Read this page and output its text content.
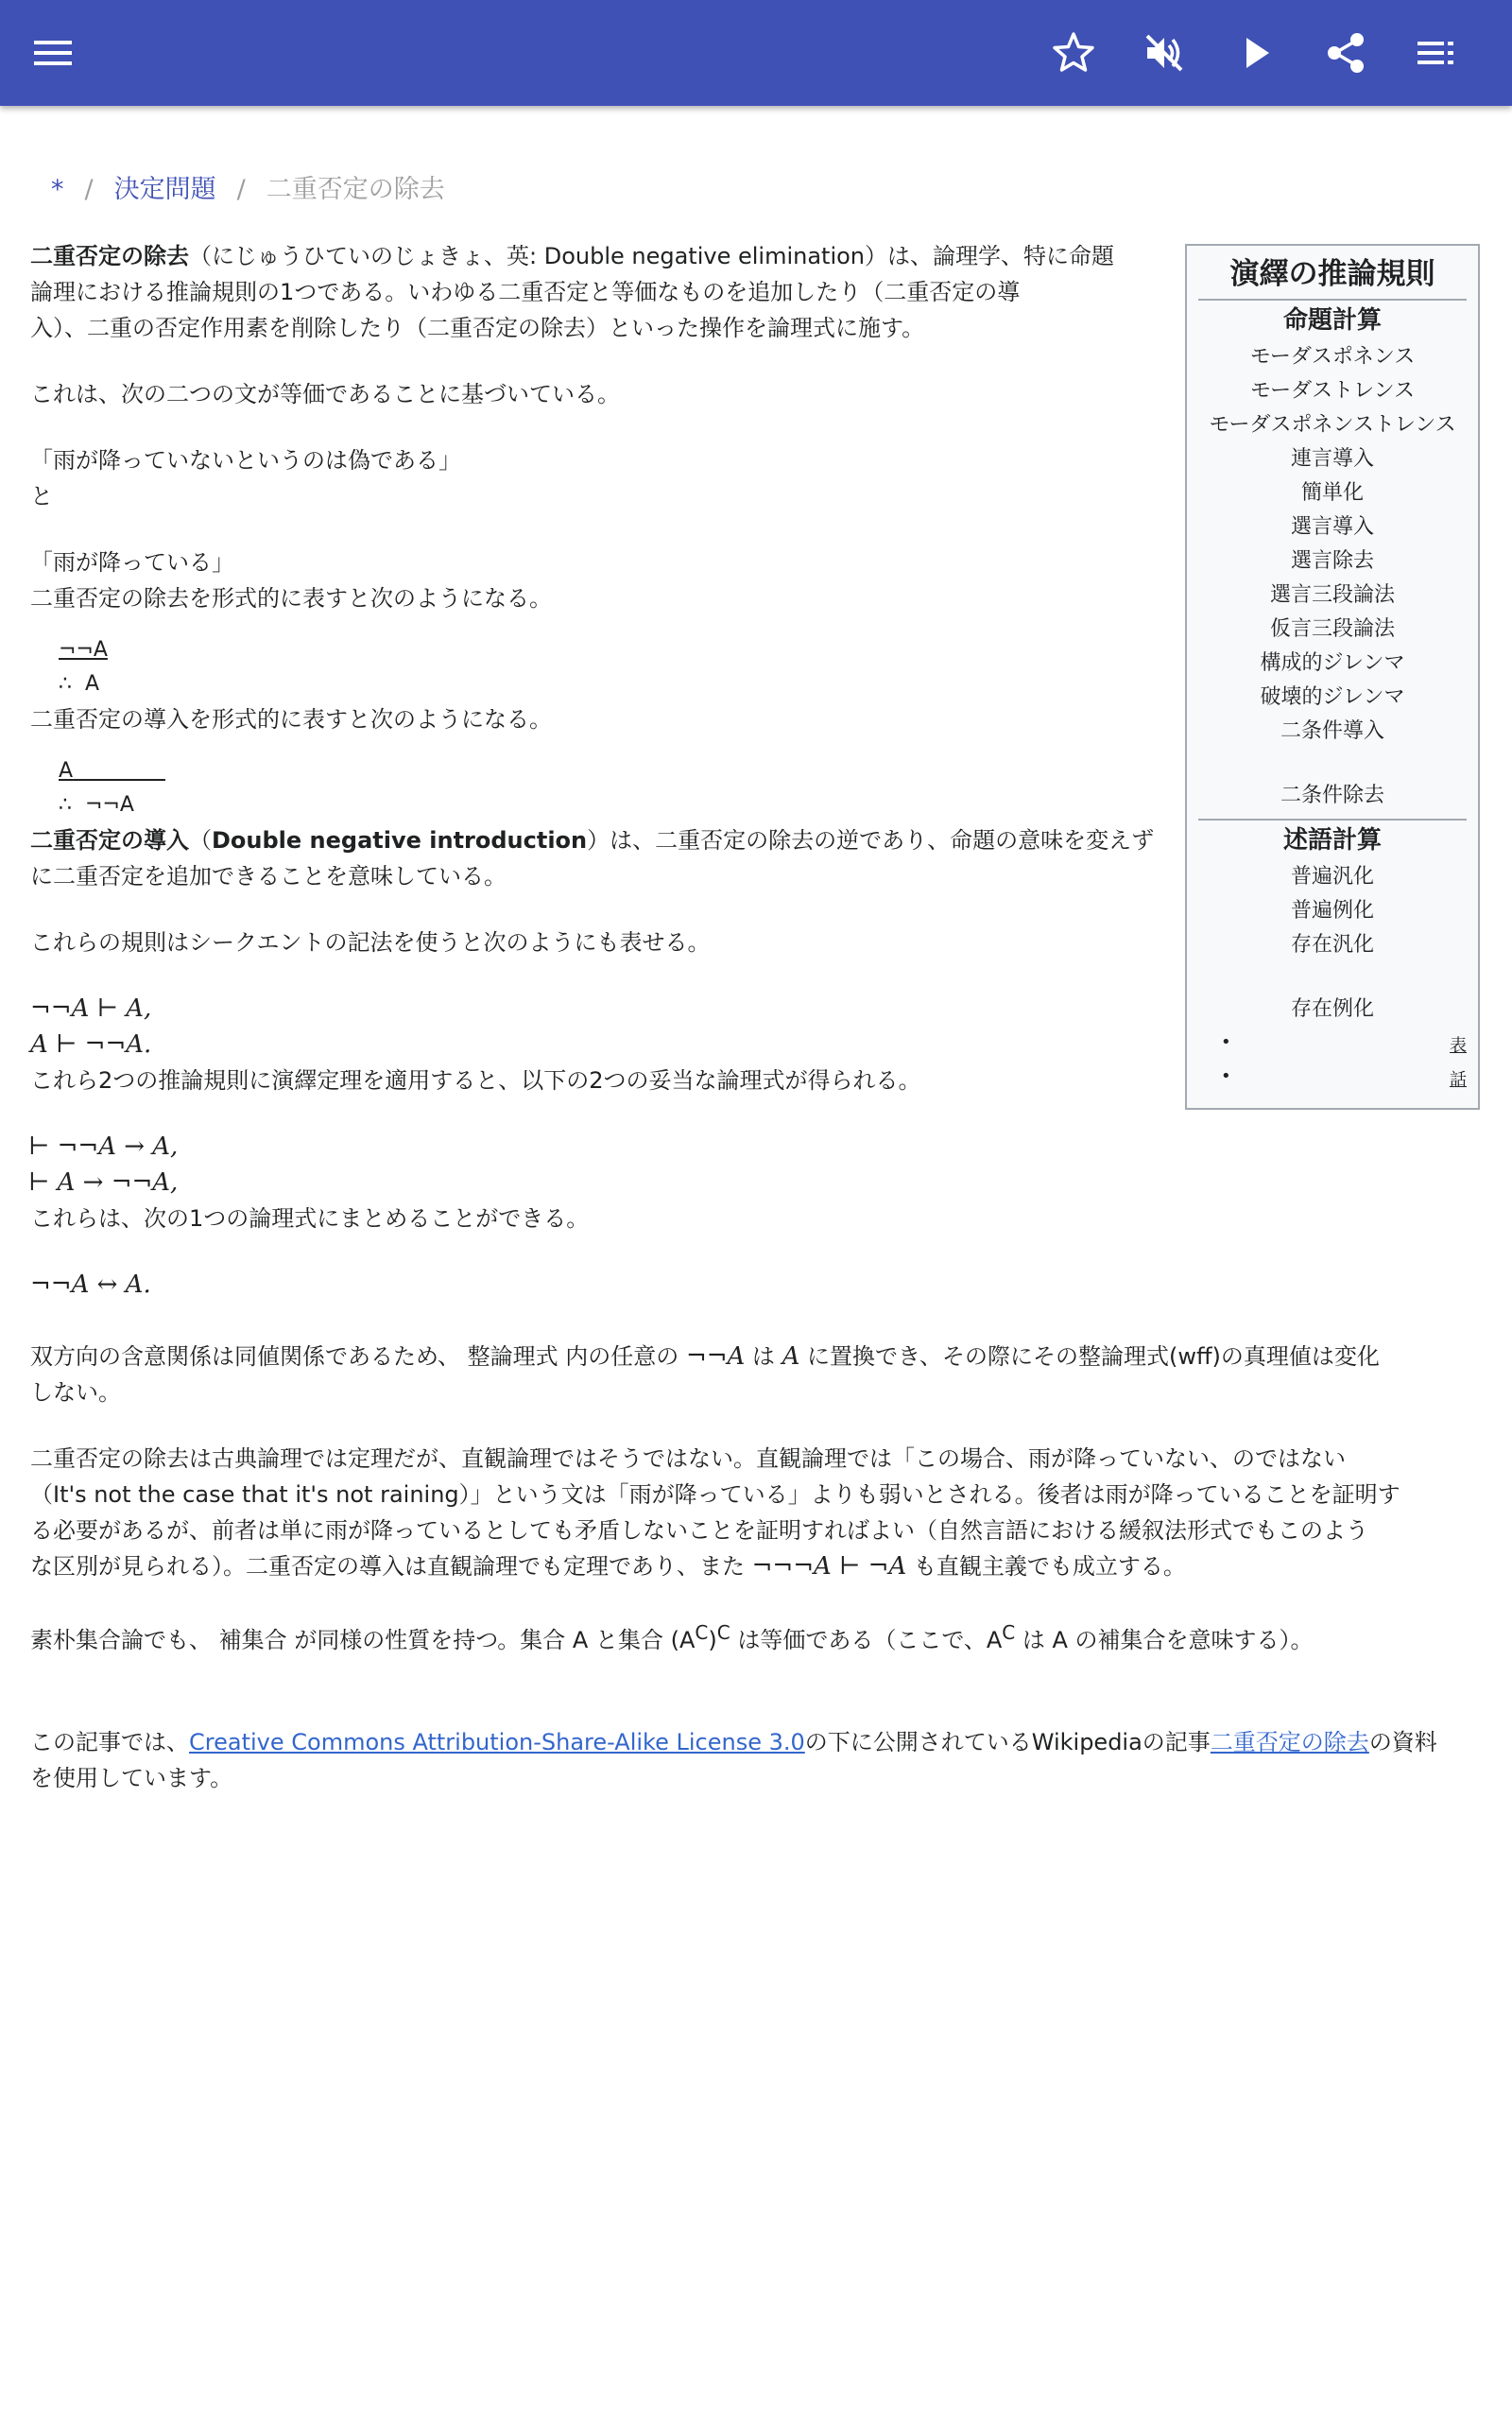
* / 決定問題 / 二重否定の除去

二重否定の除去（にじゅうひていのじょきょ、英: Double negative elimination）は、論理学、特に命題
論理における推論規則の1つである。いわゆる二重否定と等価なものを追加したり（二重否定の導
入）、二重の否定作用素を削除したり（二重否定の除去）といった操作を論理式に施す。

これは、次の二つの文が等価であることに基づいている。

「雨が降っていないというのは偽である」
と

「雨が降っている」
二重否定の除去を形式的に表すと次のようになる。

¬¬A
∴ A

二重否定の導入を形式的に表すと次のようになる。

A
∴ ¬¬A

二重否定の導入（Double negative introduction）は、二重否定の除去の逆であり、命題の意味を変えず
に二重否定を追加できることを意味している。

これらの規則はシークエントの記法を使うと次のようにも表せる。

¬¬A ⊢ A,
A ⊢ ¬¬A.

これら2つの推論規則に演繹定理を適用すると、以下の2つの妥当な論理式が得られる。

⊢ ¬¬A → A,
⊢ A → ¬¬A,

これらは、次の1つの論理式にまとめることができる。

¬¬A ↔ A.

双方向の含意関係は同値関係であるため、 整論理式 内の任意の ¬¬A は A に置換でき、その際にその整論理式(wff)の真理値は変化
しない。

二重否定の除去は古典論理では定理だが、直観論理ではそうではない。直観論理では「この場合、雨が降っていない、のではない
（It's not the case that it's not raining）」という文は「雨が降っている」よりも弱いとされる。後者は雨が降っていることを証明す
る必要があるが、前者は単に雨が降っているとしても矛盾しないことを証明すればよい（自然言語における緩叙法形式でもこのよう
な区別が見られる）。二重否定の導入は直観論理でも定理であり、また ¬¬¬A ⊢ ¬A も直観主義でも成立する。

素朴集合論でも、 補集合 が同様の性質を持つ。集合 A と集合 $(A^C)^C$ は等価である（ここで、$A^C$ は A の補集合を意味する）。

この記事では、Creative Commons Attribution-Share-Alike License 3.0の下に公開されているWikipediaの記事二重否定の除去の資料
を使用しています。

演繹の推論規則
命題計算
モーダスポネンス
モーダストレンス
モーダスポネンストレンス
連言導入
簡単化
選言導入
選言除去
選言三段論法
仮言三段論法
構成的ジレンマ
破壊的ジレンマ
二条件導入
二条件除去
述語計算
普遍汎化
普遍例化
存在汎化
存在例化
•	表
•	話
